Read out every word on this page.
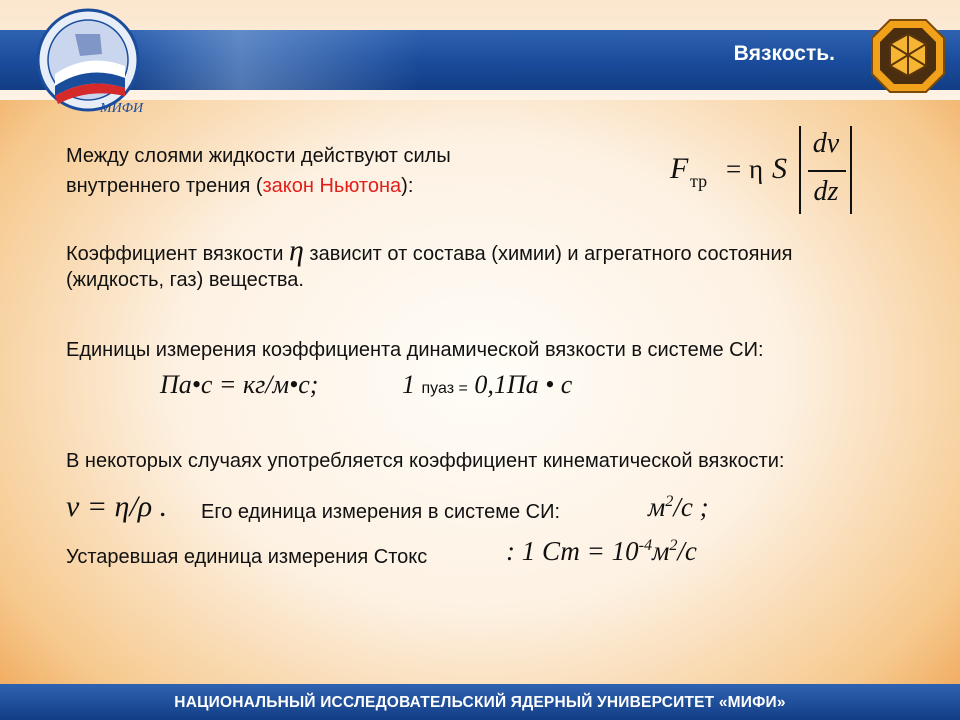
МИФИ
Вязкость.

Между слоями жидкости действуют силы

внутреннего трения (закон Ньютона):

F тр = η S
dv
dz

Коэффициент вязкости η зависит от состава (химии) и агрегатного состояния

(жидкость, газ) вещества.

Единицы измерения коэффициента динамической вязкости в системе СИ:

Па•с = кг/м•с;	1 пуаз = 0,1Па • с

В некоторых случаях употребляется коэффициент кинематической вязкости:

ν = η/ρ . Его единица измерения в системе СИ:	$м^2/с$ ;

Устаревшая единица измерения Стокс	: 1 Ст = $10^{-4}м^2/с$
НАЦИОНАЛЬНЫЙ ИССЛЕДОВАТЕЛЬСКИЙ ЯДЕРНЫЙ УНИВЕРСИТЕТ «МИФИ»
